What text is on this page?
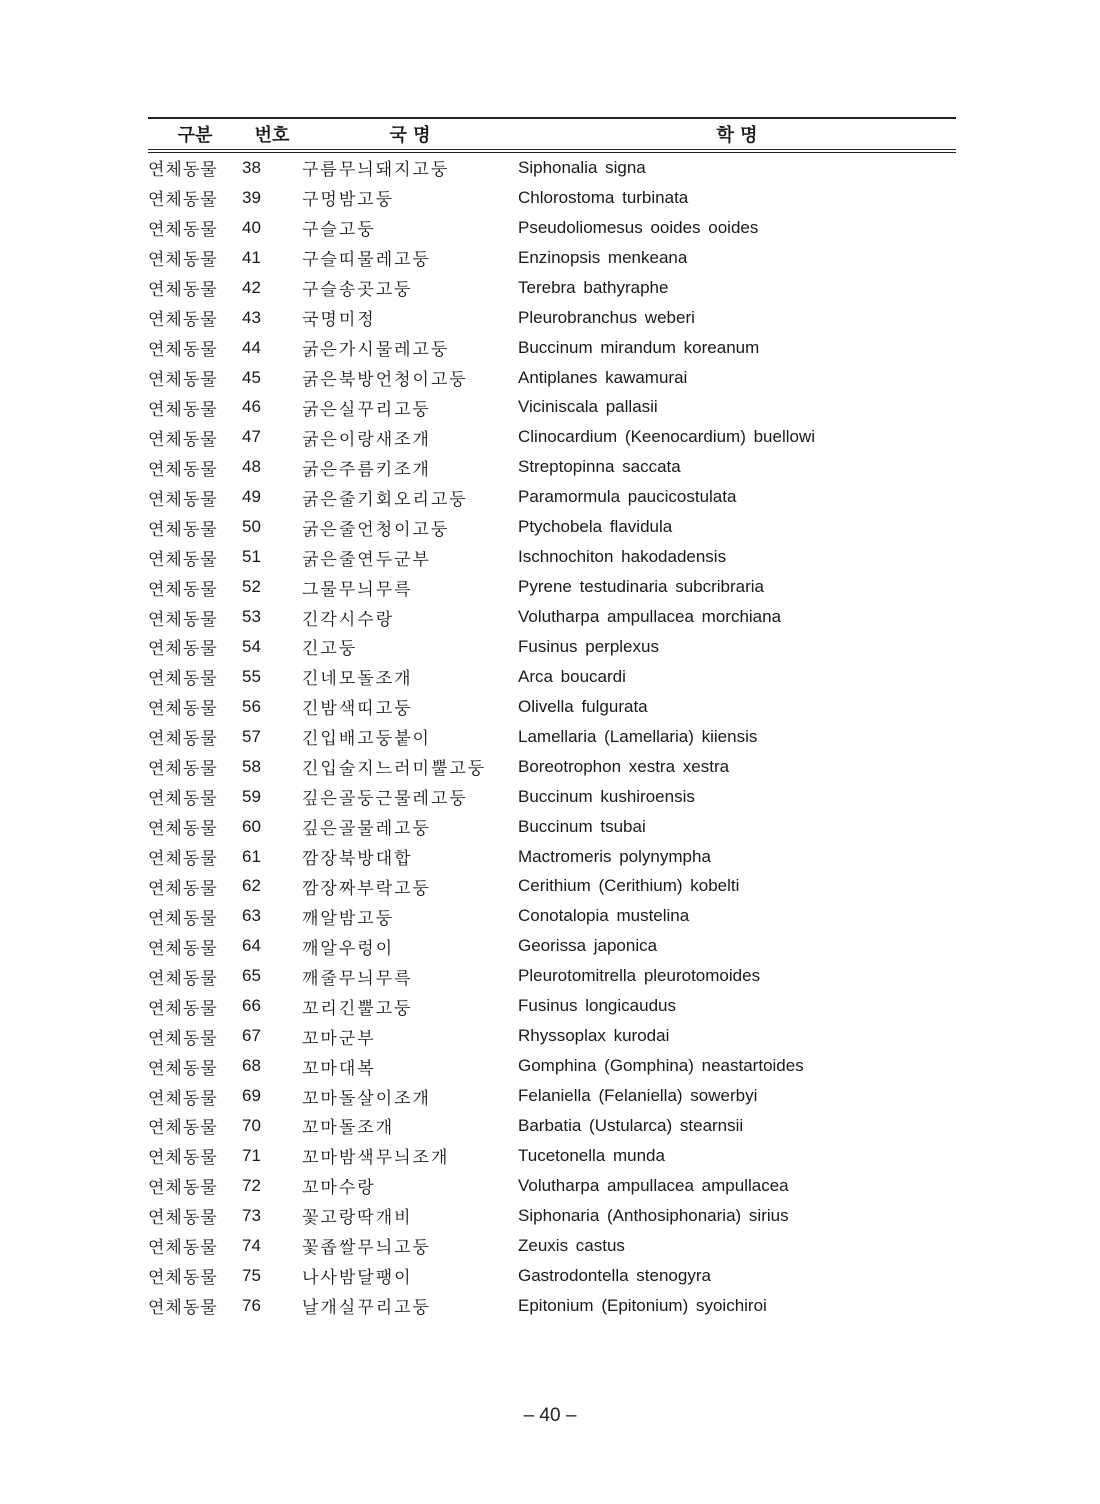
구분	번호	국 명	학 명
연체동물	38	구름무늬돼지고둥	Siphonalia signa
연체동물	39	구멍밤고둥	Chlorostoma turbinata
연체동물	40	구슬고둥	Pseudoliomesus ooides ooides
연체동물	41	구슬띠물레고둥	Enzinopsis menkeana
연체동물	42	구슬송곳고둥	Terebra bathyraphe
연체동물	43	국명미정	Pleurobranchus weberi
연체동물	44	굵은가시물레고둥	Buccinum mirandum koreanum
연체동물	45	굵은북방언청이고둥	Antiplanes kawamurai
연체동물	46	굵은실꾸리고둥	Viciniscala pallasii
연체동물	47	굵은이랑새조개	Clinocardium (Keenocardium) buellowi
연체동물	48	굵은주름키조개	Streptopinna saccata
연체동물	49	굵은줄기회오리고둥	Paramormula paucicostulata
연체동물	50	굵은줄언청이고둥	Ptychobela flavidula
연체동물	51	굵은줄연두군부	Ischnochiton hakodadensis
연체동물	52	그물무늬무륵	Pyrene testudinaria subcribraria
연체동물	53	긴각시수랑	Volutharpa ampullacea morchiana
연체동물	54	긴고둥	Fusinus perplexus
연체동물	55	긴네모돌조개	Arca boucardi
연체동물	56	긴밤색띠고둥	Olivella fulgurata
연체동물	57	긴입배고둥붙이	Lamellaria (Lamellaria) kiiensis
연체동물	58	긴입술지느러미뿔고둥	Boreotrophon xestra xestra
연체동물	59	깊은골둥근물레고둥	Buccinum kushiroensis
연체동물	60	깊은골물레고둥	Buccinum tsubai
연체동물	61	깜장북방대합	Mactromeris polynympha
연체동물	62	깜장짜부락고둥	Cerithium (Cerithium) kobelti
연체동물	63	깨알밤고둥	Conotalopia mustelina
연체동물	64	깨알우렁이	Georissa japonica
연체동물	65	깨줄무늬무륵	Pleurotomitrella pleurotomoides
연체동물	66	꼬리긴뿔고둥	Fusinus longicaudus
연체동물	67	꼬마군부	Rhyssoplax kurodai
연체동물	68	꼬마대복	Gomphina (Gomphina) neastartoides
연체동물	69	꼬마돌살이조개	Felaniella (Felaniella) sowerbyi
연체동물	70	꼬마돌조개	Barbatia (Ustularca) stearnsii
연체동물	71	꼬마밤색무늬조개	Tucetonella munda
연체동물	72	꼬마수랑	Volutharpa ampullacea ampullacea
연체동물	73	꽃고랑딱개비	Siphonaria (Anthosiphonaria) sirius
연체동물	74	꽃좁쌀무늬고둥	Zeuxis castus
연체동물	75	나사밤달팽이	Gastrodontella stenogyra
연체동물	76	날개실꾸리고둥	Epitonium (Epitonium) syoichiroi
– 40 –
